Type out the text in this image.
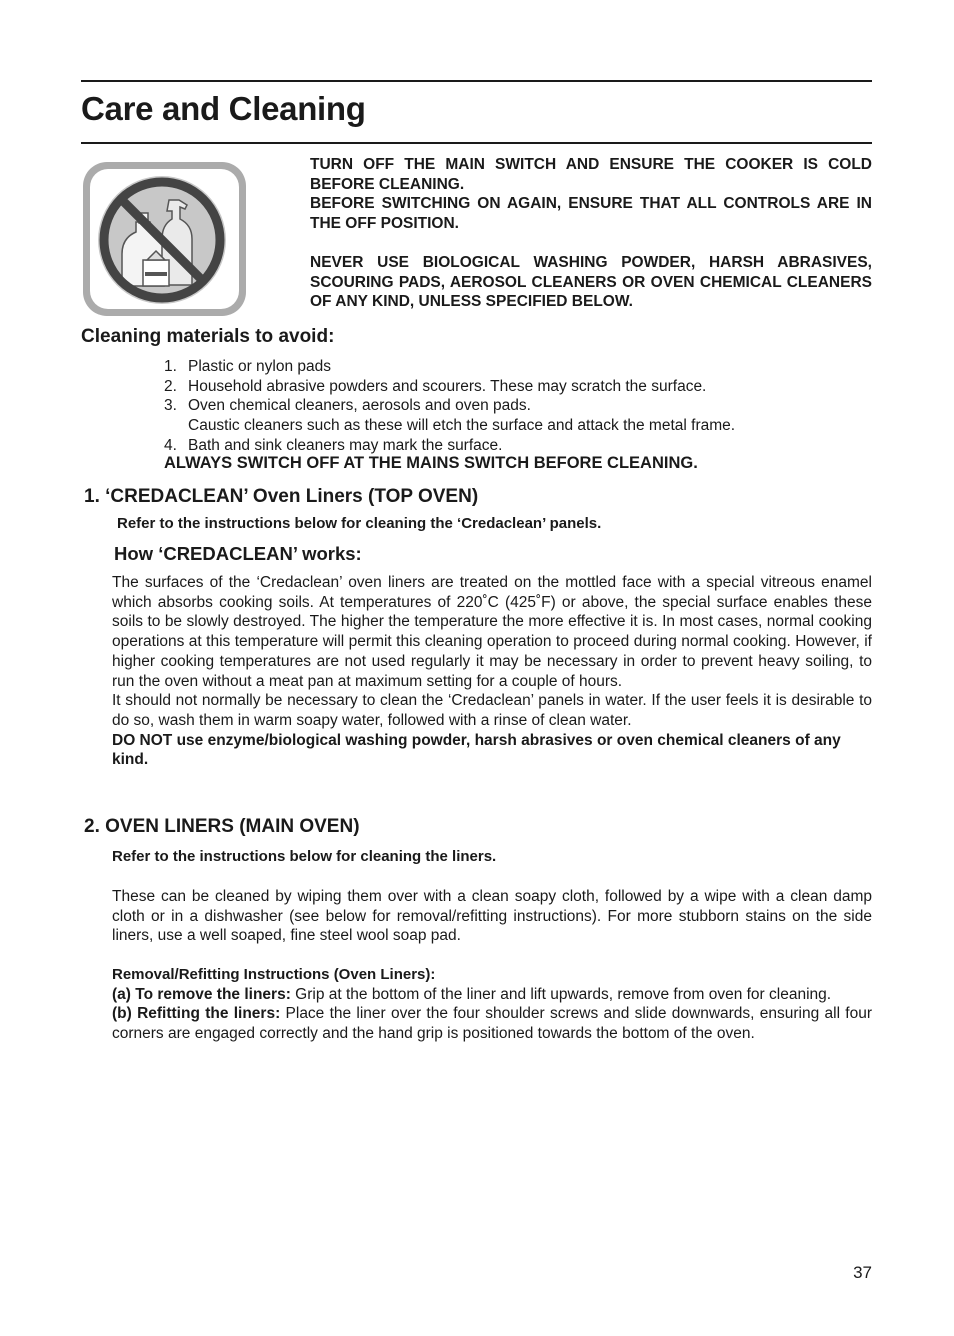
Care and Cleaning

TURN OFF THE MAIN SWITCH AND ENSURE THE COOKER IS COLD BEFORE CLEANING.

BEFORE SWITCHING ON AGAIN, ENSURE THAT ALL CONTROLS ARE IN THE OFF POSITION.

NEVER USE BIOLOGICAL WASHING POWDER, HARSH ABRASIVES, SCOURING PADS, AEROSOL CLEANERS OR OVEN CHEMICAL CLEANERS OF ANY KIND, UNLESS SPECIFIED BELOW.

Cleaning materials to avoid:
1. Plastic or nylon pads
2. Household abrasive powders and scourers. These may scratch the surface.
3. Oven chemical cleaners, aerosols and oven pads.
Caustic cleaners such as these will etch the surface and attack the metal frame.
4. Bath and sink cleaners may mark the surface.

ALWAYS SWITCH OFF AT THE MAINS SWITCH BEFORE CLEANING.

1. ‘CREDACLEAN’ Oven Liners (TOP OVEN)

Refer to the instructions below for cleaning the ‘Credaclean’ panels.

How ‘CREDACLEAN’ works:

The surfaces of the ‘Credaclean’ oven liners are treated on the mottled face with a special vitreous enamel which absorbs cooking soils. At temperatures of 220˚C (425˚F) or above, the special surface enables these soils to be slowly destroyed. The higher the temperature the more effective it is. In most cases, normal cooking operations at this temperature will permit this cleaning operation to proceed during normal cooking. However, if higher cooking temperatures are not used regularly it may be necessary in order to prevent heavy soiling, to run the oven without a meat pan at maximum setting for a couple of hours.
It should not normally be necessary to clean the ‘Credaclean’ panels in water. If the user feels it is desirable to do so, wash them in warm soapy water, followed with a rinse of clean water.
DO NOT use enzyme/biological washing powder, harsh abrasives or oven chemical cleaners of any kind.

2. OVEN LINERS (MAIN OVEN)

Refer to the instructions below for cleaning the liners.

These can be cleaned by wiping them over with a clean soapy cloth, followed by a wipe with a clean damp cloth or in a dishwasher (see below for removal/refitting instructions). For more stubborn stains on the side liners, use a well soaped, fine steel wool soap pad.

Removal/Refitting Instructions (Oven Liners):

(a) To remove the liners: Grip at the bottom of the liner and lift upwards, remove from oven for cleaning.

(b) Refitting the liners: Place the liner over the four shoulder screws and slide downwards, ensuring all four corners are engaged correctly and the hand grip is positioned towards the bottom of the oven.

37
